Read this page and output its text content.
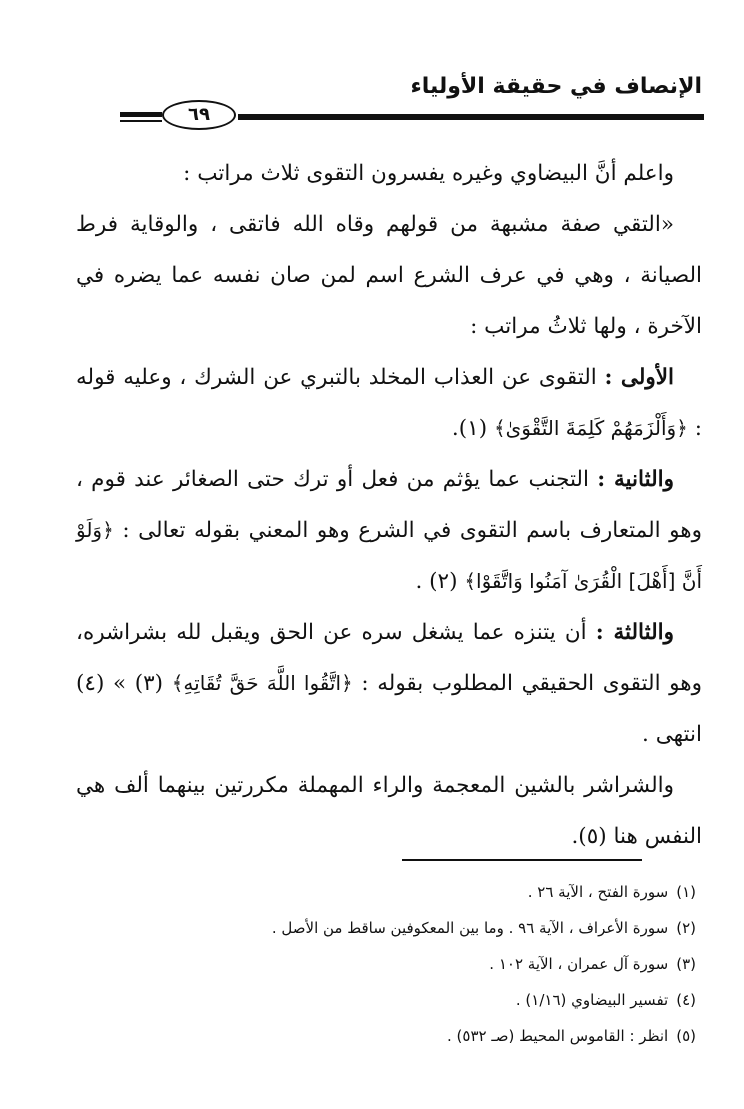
الإنصاف في حقيقة الأولياء
٦٩

واعلم أنَّ البيضاوي وغيره يفسرون التقوى ثلاث مراتب :

«التقي صفة مشبهة من قولهم وقاه الله فاتقى ، والوقاية فرط الصيانة ، وهي في عرف الشرع اسم لمن صان نفسه عما يضره في الآخرة ، ولها ثلاثُ مراتب :

الأولى : التقوى عن العذاب المخلد بالتبري عن الشرك ، وعليه قوله : ﴿وَأَلْزَمَهُمْ كَلِمَةَ التَّقْوَىٰ﴾ (١).

والثانية : التجنب عما يؤثم من فعل أو ترك حتى الصغائر عند قوم ، وهو المتعارف باسم التقوى في الشرع وهو المعني بقوله تعالى : ﴿وَلَوْ أَنَّ [أَهْلَ] الْقُرَىٰ آمَنُوا وَاتَّقَوْا﴾ (٢) .

والثالثة : أن يتنزه عما يشغل سره عن الحق ويقبل لله بشراشره، وهو التقوى الحقيقي المطلوب بقوله : ﴿اتَّقُوا اللَّهَ حَقَّ تُقَاتِهِ﴾ (٣) » (٤) انتهى .

والشراشر بالشين المعجمة والراء المهملة مكررتين بينهما ألف هي النفس هنا (٥).

(١)سورة الفتح ، الآية ٢٦ .
(٢)سورة الأعراف ، الآية ٩٦ . وما بين المعكوفين ساقط من الأصل .
(٣)سورة آل عمران ، الآية ١٠٢ .
(٤)تفسير البيضاوي (١/١٦) .
(٥)انظر : القاموس المحيط (صـ ٥٣٢) .
